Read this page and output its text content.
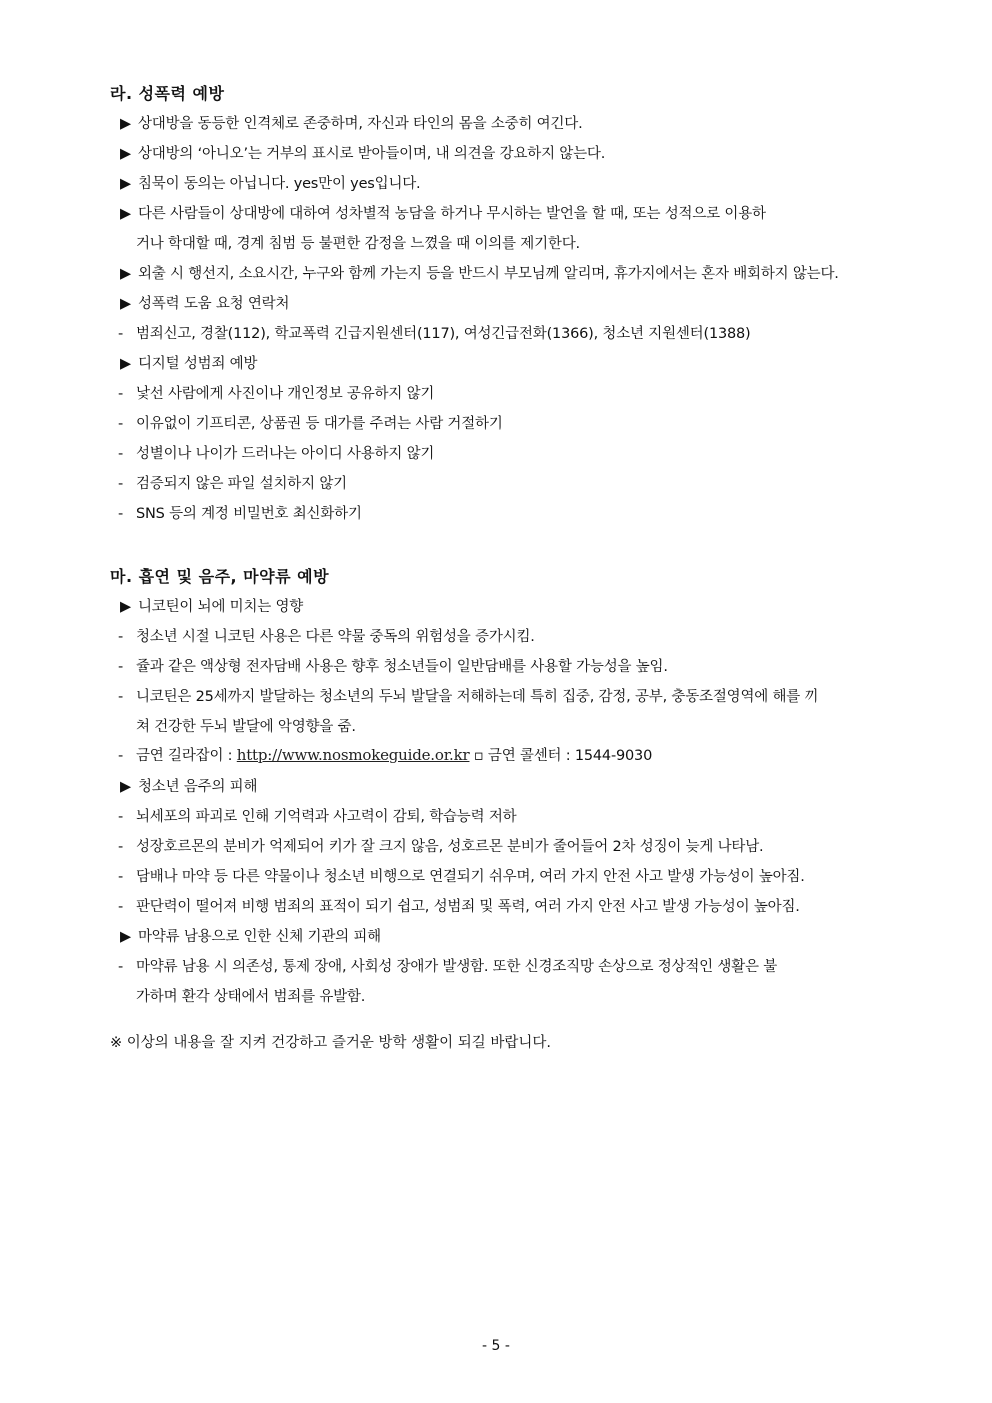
라. 성폭력 예방
▶ 상대방을 동등한 인격체로 존중하며, 자신과 타인의 몸을 소중히 여긴다.
▶ 상대방의 ‘아니오’는 거부의 표시로 받아들이며, 내 의견을 강요하지 않는다.
▶ 침묵이 동의는 아닙니다. yes만이 yes입니다.
▶ 다른 사람들이 상대방에 대하여 성차별적 농담을 하거나 무시하는 발언을 할 때, 또는 성적으로 이용하
거나 학대할 때, 경계 침범 등 불편한 감정을 느꼈을 때 이의를 제기한다.
▶ 외출 시 행선지, 소요시간, 누구와 함께 가는지 등을 반드시 부모님께 알리며, 휴가지에서는 혼자 배회하지 않는다.
▶ 성폭력 도움 요청 연락처
- 범죄신고, 경찰(112), 학교폭력 긴급지원센터(117), 여성긴급전화(1366), 청소년 지원센터(1388)
▶ 디지털 성범죄 예방
- 낯선 사람에게 사진이나 개인정보 공유하지 않기
- 이유없이 기프티콘, 상품권 등 대가를 주려는 사람 거절하기
- 성별이나 나이가 드러나는 아이디 사용하지 않기
- 검증되지 않은 파일 설치하지 않기
- SNS 등의 계정 비밀번호 최신화하기
마. 흡연 및 음주, 마약류 예방
▶ 니코틴이 뇌에 미치는 영향
- 청소년 시절 니코틴 사용은 다른 약물 중독의 위험성을 증가시킴.
- 쥴과 같은 액상형 전자담배 사용은 향후 청소년들이 일반담배를 사용할 가능성을 높임.
- 니코틴은 25세까지 발달하는 청소년의 두뇌 발달을 저해하는데 특히 집중, 감정, 공부, 충동조절영역에 해를 끼
쳐 건강한 두뇌 발달에 악영향을 줌.
- 금연 길라잡이 : http://www.nosmokeguide.or.kr ▫ 금연 콜센터 : 1544-9030
▶ 청소년 음주의 피해
- 뇌세포의 파괴로 인해 기억력과 사고력이 감퇴, 학습능력 저하
- 성장호르몬의 분비가 억제되어 키가 잘 크지 않음, 성호르몬 분비가 줄어들어 2차 성징이 늦게 나타남.
- 담배나 마약 등 다른 약물이나 청소년 비행으로 연결되기 쉬우며, 여러 가지 안전 사고 발생 가능성이 높아짐.
- 판단력이 떨어져 비행 범죄의 표적이 되기 쉽고, 성범죄 및 폭력, 여러 가지 안전 사고 발생 가능성이 높아짐.
▶ 마약류 남용으로 인한 신체 기관의 피해
- 마약류 남용 시 의존성, 통제 장애, 사회성 장애가 발생함. 또한 신경조직망 손상으로 정상적인 생활은 불
가하며 환각 상태에서 범죄를 유발함.
※ 이상의 내용을 잘 지켜 건강하고 즐거운 방학 생활이 되길 바랍니다.
- 5 -
